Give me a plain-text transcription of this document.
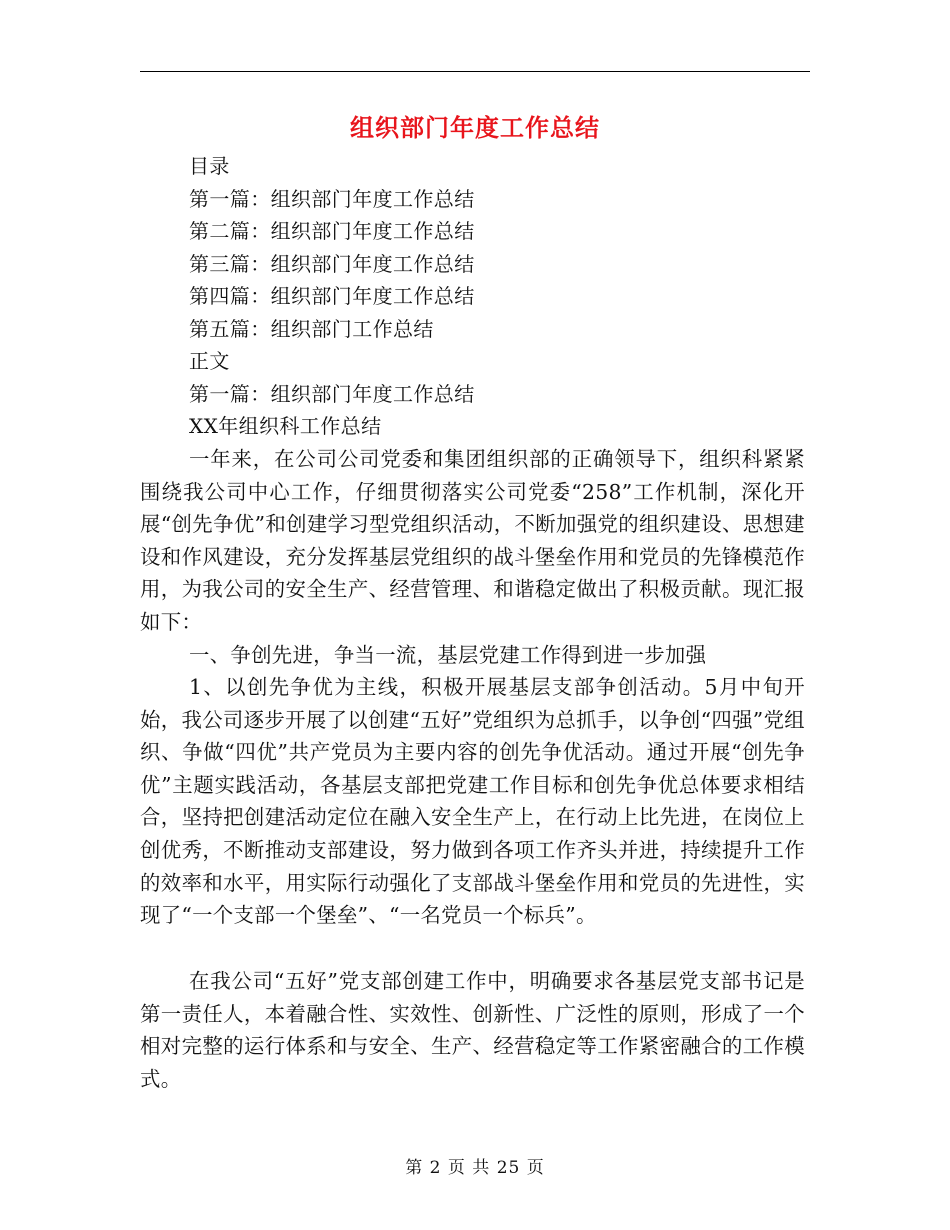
组织部门年度工作总结
目录
第一篇：组织部门年度工作总结
第二篇：组织部门年度工作总结
第三篇：组织部门年度工作总结
第四篇：组织部门年度工作总结
第五篇：组织部门工作总结
正文
第一篇：组织部门年度工作总结
XX年组织科工作总结
一年来，在公司公司党委和集团组织部的正确领导下，组织科紧紧围绕我公司中心工作，仔细贯彻落实公司党委“258”工作机制，深化开展“创先争优”和创建学习型党组织活动，不断加强党的组织建设、思想建设和作风建设，充分发挥基层党组织的战斗堡垒作用和党员的先锋模范作用，为我公司的安全生产、经营管理、和谐稳定做出了积极贡献。现汇报如下：
一、争创先进，争当一流，基层党建工作得到进一步加强
1、以创先争优为主线，积极开展基层支部争创活动。5月中旬开始，我公司逐步开展了以创建“五好”党组织为总抓手，以争创“四强”党组织、争做“四优”共产党员为主要内容的创先争优活动。通过开展“创先争优”主题实践活动，各基层支部把党建工作目标和创先争优总体要求相结合，坚持把创建活动定位在融入安全生产上，在行动上比先进，在岗位上创优秀，不断推动支部建设，努力做到各项工作齐头并进，持续提升工作的效率和水平，用实际行动强化了支部战斗堡垒作用和党员的先进性，实现了“一个支部一个堡垒”、“一名党员一个标兵”。
在我公司“五好”党支部创建工作中，明确要求各基层党支部书记是第一责任人，本着融合性、实效性、创新性、广泛性的原则，形成了一个相对完整的运行体系和与安全、生产、经营稳定等工作紧密融合的工作模式。
第 2 页 共 25 页
